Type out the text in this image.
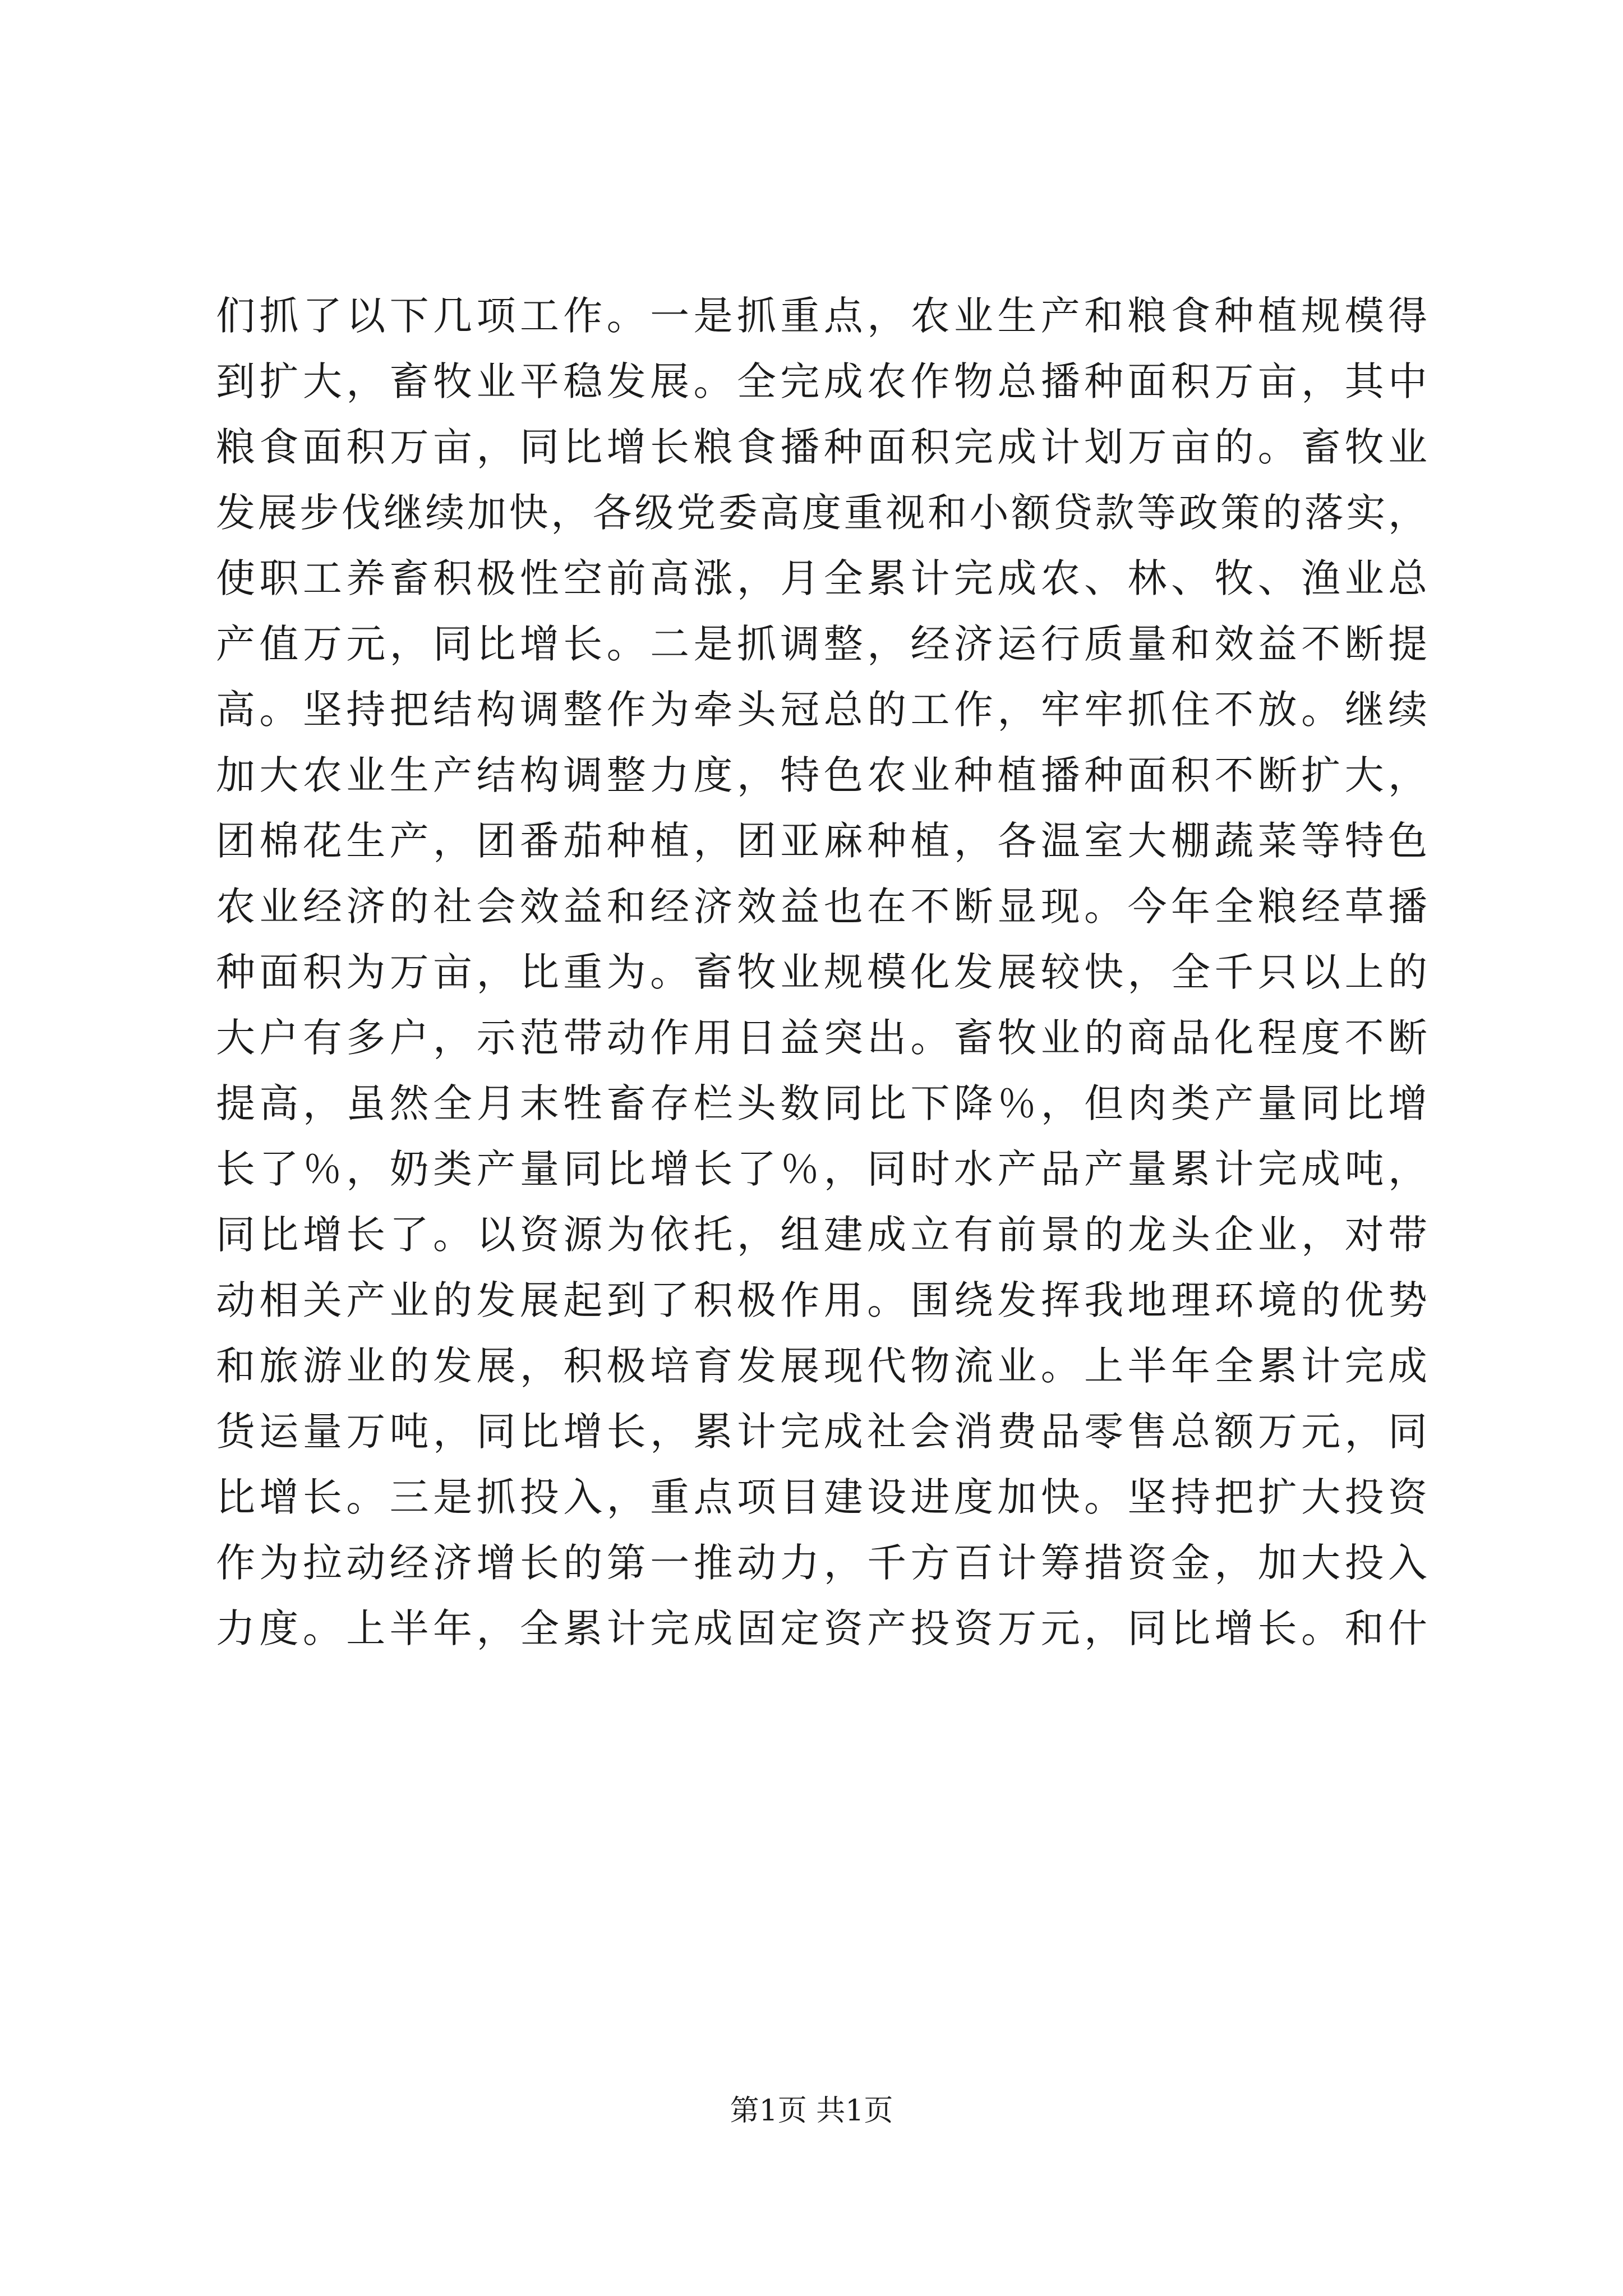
们抓了以下几项工作。一是抓重点，农业生产和粮食种植规模得
到扩大，畜牧业平稳发展。全完成农作物总播种面积万亩，其中
粮食面积万亩，同比增长粮食播种面积完成计划万亩的。畜牧业
发展步伐继续加快，各级党委高度重视和小额贷款等政策的落实，
使职工养畜积极性空前高涨，月全累计完成农、林、牧、渔业总
产值万元，同比增长。二是抓调整，经济运行质量和效益不断提
高。坚持把结构调整作为牵头冠总的工作，牢牢抓住不放。继续
加大农业生产结构调整力度，特色农业种植播种面积不断扩大，
团棉花生产，团番茄种植，团亚麻种植，各温室大棚蔬菜等特色
农业经济的社会效益和经济效益也在不断显现。今年全粮经草播
种面积为万亩，比重为。畜牧业规模化发展较快，全千只以上的
大户有多户，示范带动作用日益突出。畜牧业的商品化程度不断
提高，虽然全月末牲畜存栏头数同比下降％，但肉类产量同比增
长了％，奶类产量同比增长了％，同时水产品产量累计完成吨，
同比增长了。以资源为依托，组建成立有前景的龙头企业，对带
动相关产业的发展起到了积极作用。围绕发挥我地理环境的优势
和旅游业的发展，积极培育发展现代物流业。上半年全累计完成
货运量万吨，同比增长，累计完成社会消费品零售总额万元，同
比增长。三是抓投入，重点项目建设进度加快。坚持把扩大投资
作为拉动经济增长的第一推动力，千方百计筹措资金，加大投入
力度。上半年，全累计完成固定资产投资万元，同比增长。和什
第1页 共1页
